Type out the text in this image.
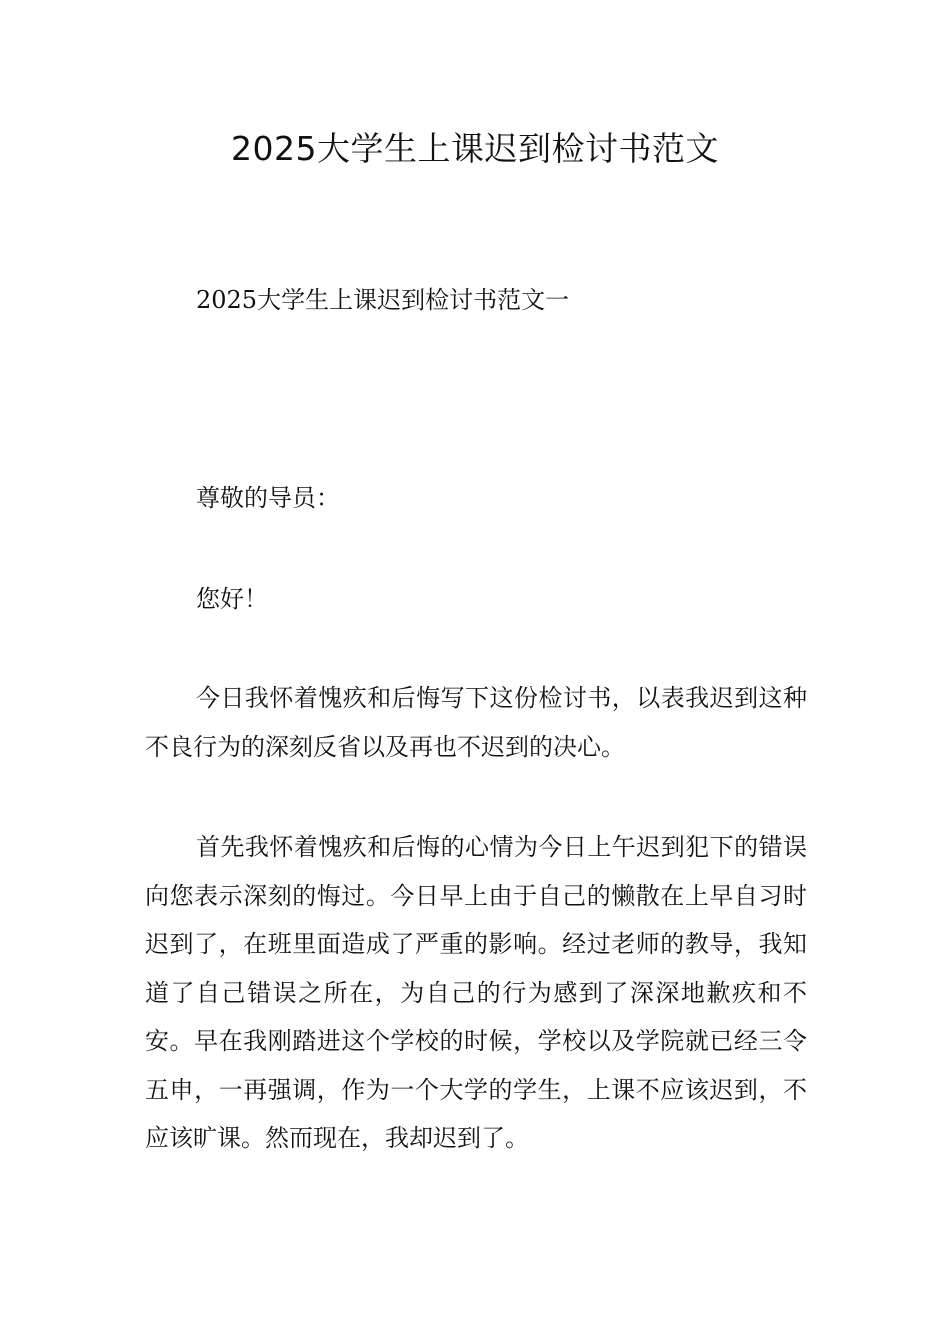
2025大学生上课迟到检讨书范文

2025大学生上课迟到检讨书范文一

尊敬的导员：

您好！

今日我怀着愧疚和后悔写下这份检讨书，以表我迟到这种不良行为的深刻反省以及再也不迟到的决心。

首先我怀着愧疚和后悔的心情为今日上午迟到犯下的错误向您表示深刻的悔过。今日早上由于自己的懒散在上早自习时迟到了，在班里面造成了严重的影响。经过老师的教导，我知道了自己错误之所在，为自己的行为感到了深深地歉疚和不安。早在我刚踏进这个学校的时候，学校以及学院就已经三令五申，一再强调，作为一个大学的学生，上课不应该迟到，不应该旷课。然而现在，我却迟到了。
